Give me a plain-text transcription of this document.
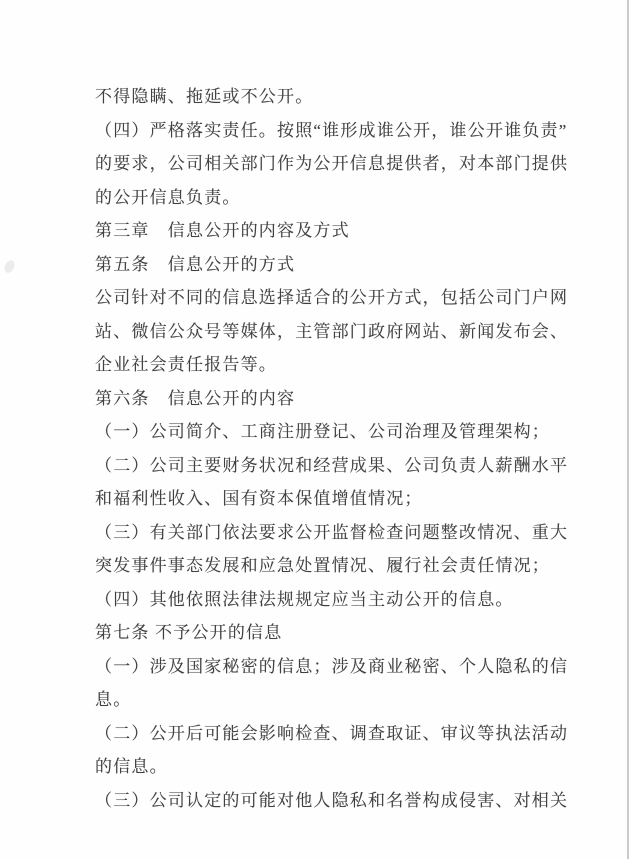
不得隐瞒、拖延或不公开。
（四）严格落实责任。按照“谁形成谁公开，谁公开谁负责”
的要求，公司相关部门作为公开信息提供者，对本部门提供
的公开信息负责。
第三章　信息公开的内容及方式
第五条　信息公开的方式
公司针对不同的信息选择适合的公开方式，包括公司门户网
站、微信公众号等媒体，主管部门政府网站、新闻发布会、
企业社会责任报告等。
第六条　信息公开的内容
（一）公司简介、工商注册登记、公司治理及管理架构；
（二）公司主要财务状况和经营成果、公司负责人薪酬水平
和福利性收入、国有资本保值增值情况；
（三）有关部门依法要求公开监督检查问题整改情况、重大
突发事件事态发展和应急处置情况、履行社会责任情况；
（四）其他依照法律法规规定应当主动公开的信息。
第七条 不予公开的信息
（一）涉及国家秘密的信息；涉及商业秘密、个人隐私的信
息。
（二）公开后可能会影响检查、调查取证、审议等执法活动
的信息。
（三）公司认定的可能对他人隐私和名誉构成侵害、对相关
